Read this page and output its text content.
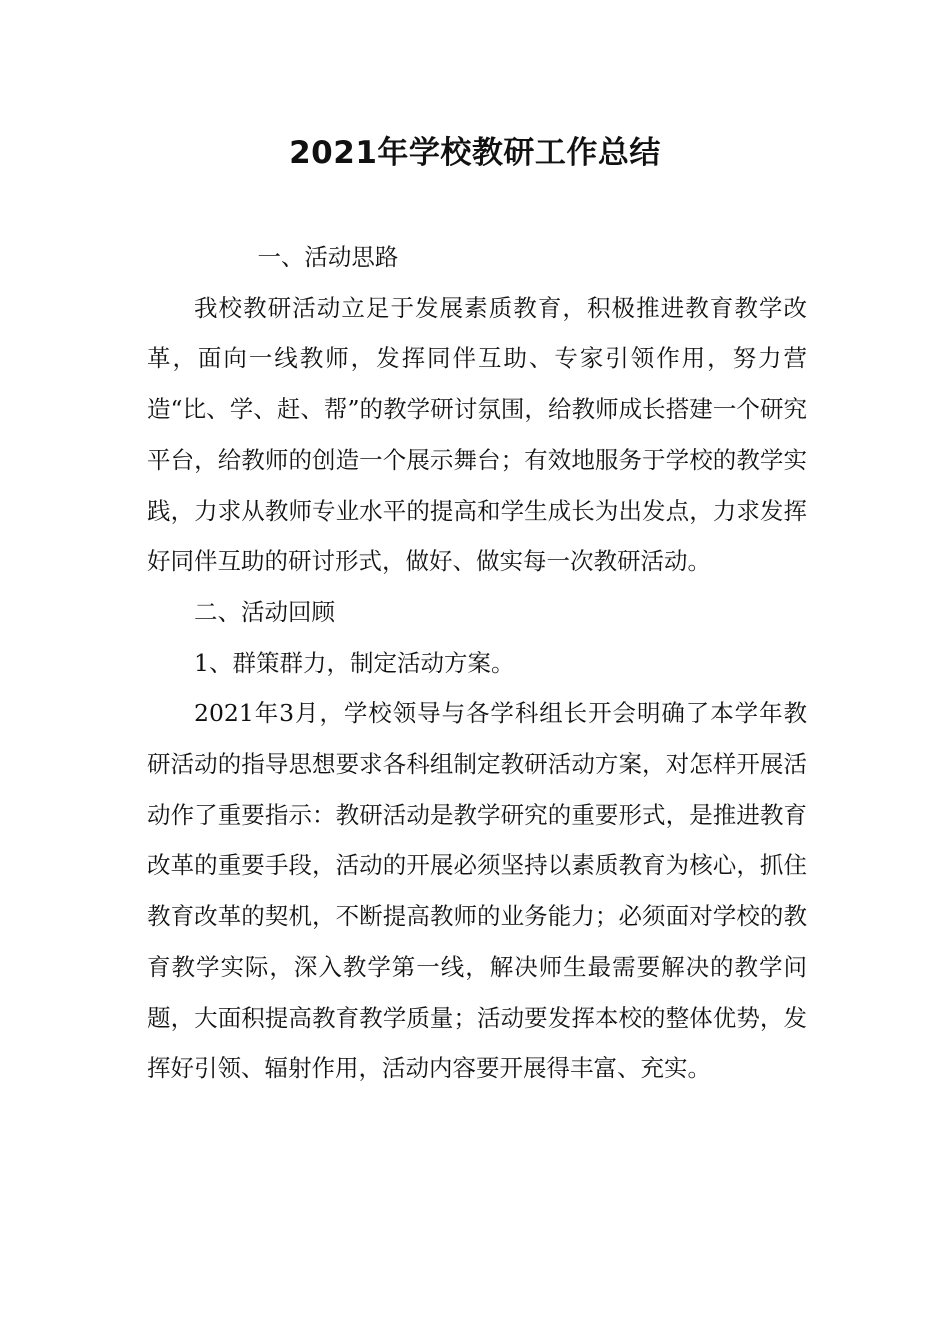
2021年学校教研工作总结

一、活动思路

我校教研活动立足于发展素质教育，积极推进教育教学改革，面向一线教师，发挥同伴互助、专家引领作用，努力营造“比、学、赶、帮”的教学研讨氛围，给教师成长搭建一个研究平台，给教师的创造一个展示舞台；有效地服务于学校的教学实践，力求从教师专业水平的提高和学生成长为出发点，力求发挥好同伴互助的研讨形式，做好、做实每一次教研活动。

二、活动回顾

1、群策群力，制定活动方案。

2021年3月，学校领导与各学科组长开会明确了本学年教研活动的指导思想要求各科组制定教研活动方案，对怎样开展活动作了重要指示：教研活动是教学研究的重要形式，是推进教育改革的重要手段，活动的开展必须坚持以素质教育为核心，抓住教育改革的契机，不断提高教师的业务能力；必须面对学校的教育教学实际，深入教学第一线，解决师生最需要解决的教学问题，大面积提高教育教学质量；活动要发挥本校的整体优势，发挥好引领、辐射作用，活动内容要开展得丰富、充实。
